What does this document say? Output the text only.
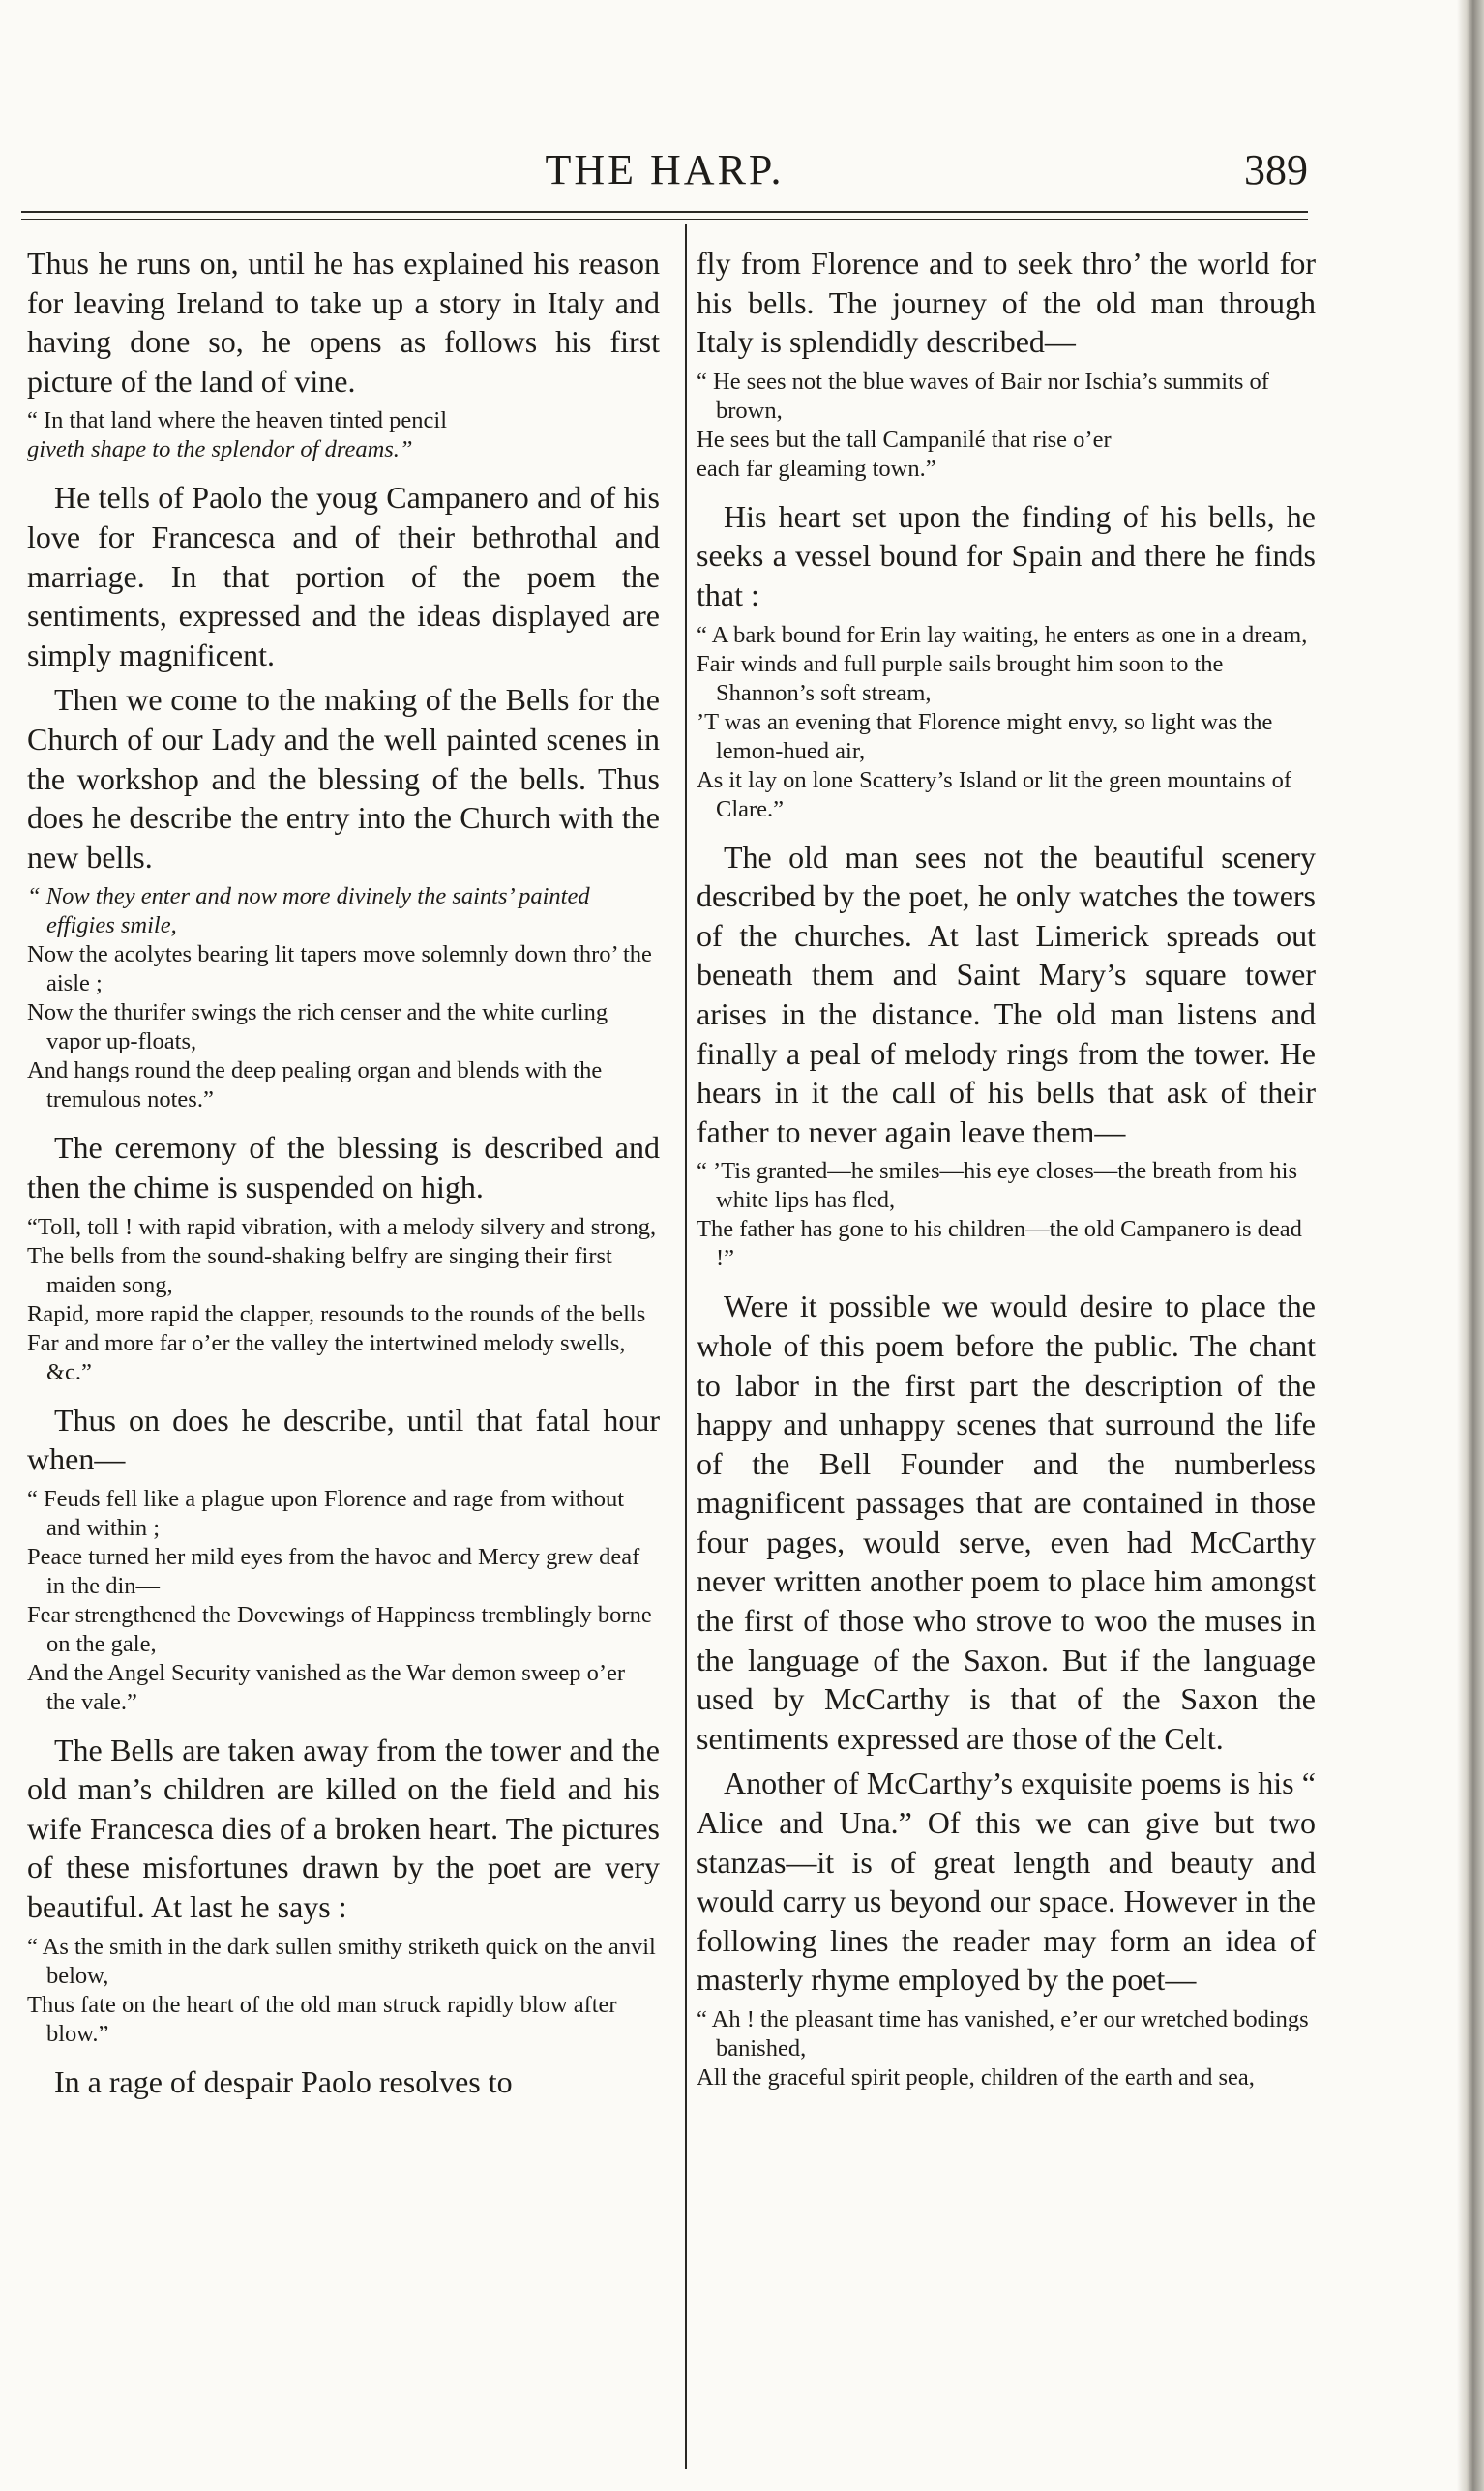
THE HARP.	389

Thus he runs on, until he has explained his reason for leaving Ireland to take up a story in Italy and having done so, he opens as follows his first picture of the land of vine.

“ In that land where the heaven tinted pencil

giveth shape to the splendor of dreams.”

He tells of Paolo the youg Campanero and of his love for Francesca and of their bethrothal and marriage. In that portion of the poem the sentiments, expressed and the ideas displayed are simply magnificent.

Then we come to the making of the Bells for the Church of our Lady and the well painted scenes in the workshop and the blessing of the bells. Thus does he describe the entry into the Church with the new bells.

“ Now they enter and now more divinely the saints’ painted effigies smile,

Now the acolytes bearing lit tapers move solemnly down thro’ the aisle ;

Now the thurifer swings the rich censer and the white curling vapor up-floats,

And hangs round the deep pealing organ and blends with the tremulous notes.”

The ceremony of the blessing is described and then the chime is suspended on high.

“Toll, toll ! with rapid vibration, with a melody silvery and strong,

The bells from the sound-shaking belfry are singing their first maiden song,

Rapid, more rapid the clapper, resounds to the rounds of the bells

Far and more far o’er the valley the intertwined melody swells, &c.”

Thus on does he describe, until that fatal hour when—

“ Feuds fell like a plague upon Florence and rage from without and within ;

Peace turned her mild eyes from the havoc and Mercy grew deaf in the din—

Fear strengthened the Dovewings of Happiness tremblingly borne on the gale,

And the Angel Security vanished as the War demon sweep o’er the vale.”

The Bells are taken away from the tower and the old man’s children are killed on the field and his wife Francesca dies of a broken heart. The pictures of these misfortunes drawn by the poet are very beautiful. At last he says :

“ As the smith in the dark sullen smithy striketh quick on the anvil below,

Thus fate on the heart of the old man struck rapidly blow after blow.”

In a rage of despair Paolo resolves to

fly from Florence and to seek thro’ the world for his bells. The journey of the old man through Italy is splendidly described—

“ He sees not the blue waves of Bair nor Ischia’s summits of brown,

He sees but the tall Campanilé that rise o’er

each far gleaming town.”

His heart set upon the finding of his bells, he seeks a vessel bound for Spain and there he finds that :

“ A bark bound for Erin lay waiting, he enters as one in a dream,

Fair winds and full purple sails brought him soon to the Shannon’s soft stream,

’T was an evening that Florence might envy, so light was the lemon-hued air,

As it lay on lone Scattery’s Island or lit the green mountains of Clare.”

The old man sees not the beautiful scenery described by the poet, he only watches the towers of the churches. At last Limerick spreads out beneath them and Saint Mary’s square tower arises in the distance. The old man listens and finally a peal of melody rings from the tower. He hears in it the call of his bells that ask of their father to never again leave them—

“ ’Tis granted—he smiles—his eye closes—the breath from his white lips has fled,

The father has gone to his children—the old Campanero is dead !”

Were it possible we would desire to place the whole of this poem before the public. The chant to labor in the first part the description of the happy and unhappy scenes that surround the life of the Bell Founder and the numberless magnificent passages that are contained in those four pages, would serve, even had McCarthy never written another poem to place him amongst the first of those who strove to woo the muses in the language of the Saxon. But if the language used by McCarthy is that of the Saxon the sentiments expressed are those of the Celt.

Another of McCarthy’s exquisite poems is his “ Alice and Una.” Of this we can give but two stanzas—it is of great length and beauty and would carry us beyond our space. However in the following lines the reader may form an idea of masterly rhyme employed by the poet—

“ Ah ! the pleasant time has vanished, e’er our wretched bodings banished,

All the graceful spirit people, children of the earth and sea,
